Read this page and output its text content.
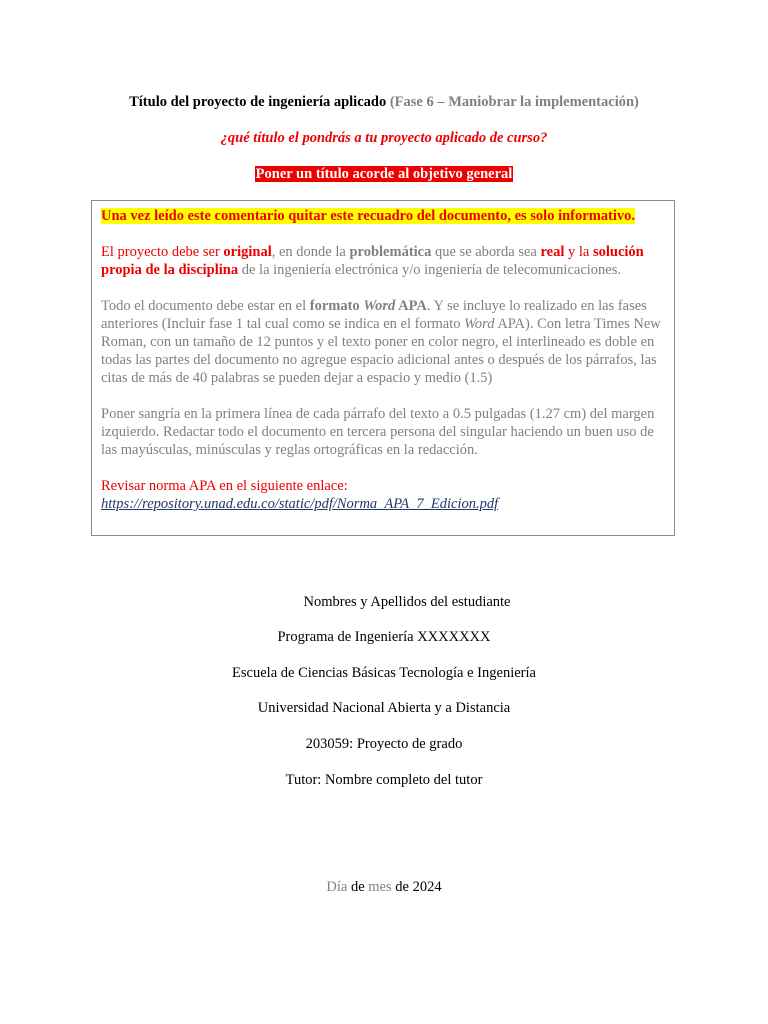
Título del proyecto de ingeniería aplicado (Fase 6 – Maniobrar la implementación)
¿qué título el pondrás a tu proyecto aplicado de curso?
Poner un título acorde al objetivo general

Una vez leído este comentario quitar este recuadro del documento, es solo informativo.

El proyecto debe ser original, en donde la problemática que se aborda sea real y la solución propia de la disciplina de la ingeniería electrónica y/o ingeniería de telecomunicaciones.

Todo el documento debe estar en el formato Word APA. Y se incluye lo realizado en las fases anteriores (Incluir fase 1 tal cual como se indica en el formato Word APA). Con letra Times New Roman, con un tamaño de 12 puntos y el texto poner en color negro, el interlineado es doble en todas las partes del documento no agregue espacio adicional antes o después de los párrafos, las citas de más de 40 palabras se pueden dejar a espacio y medio (1.5)

Poner sangría en la primera línea de cada párrafo del texto a 0.5 pulgadas (1.27 cm) del margen izquierdo. Redactar todo el documento en tercera persona del singular haciendo un buen uso de las mayúsculas, minúsculas y reglas ortográficas en la redacción.

Revisar norma APA en el siguiente enlace:
https://repository.unad.edu.co/static/pdf/Norma_APA_7_Edicion.pdf

Nombres y Apellidos del estudiante
Programa de Ingeniería XXXXXXX
Escuela de Ciencias Básicas Tecnología e Ingeniería
Universidad Nacional Abierta y a Distancia
203059: Proyecto de grado
Tutor: Nombre completo del tutor
Día de mes de 2024
